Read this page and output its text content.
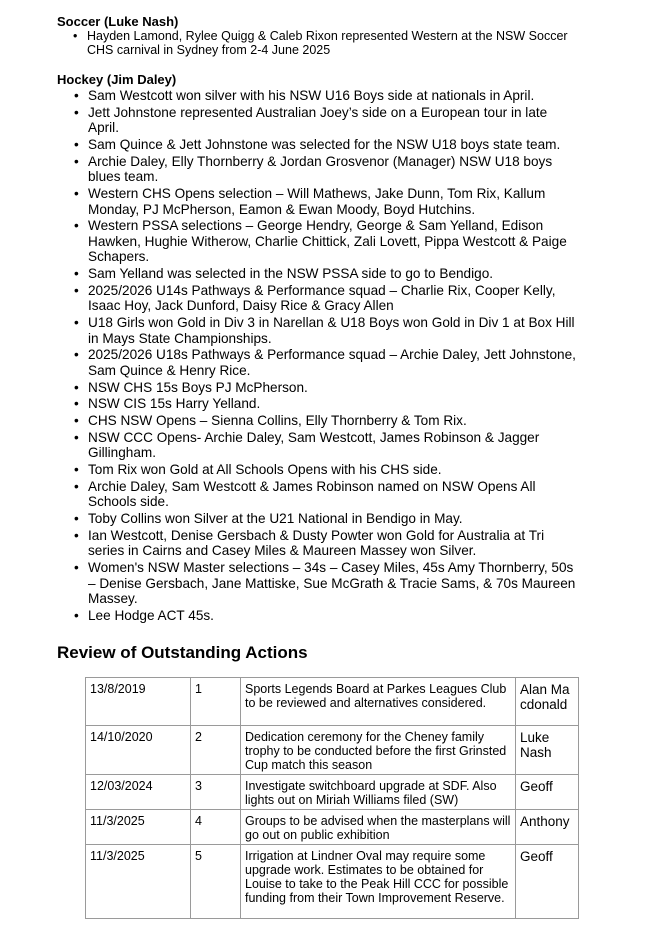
Soccer (Luke Nash)
• Hayden Lamond, Rylee Quigg & Caleb Rixon represented Western at the NSW Soccer CHS carnival in Sydney from 2-4 June 2025
Hockey (Jim Daley)
• Sam Westcott won silver with his NSW U16 Boys side at nationals in April.
• Jett Johnstone represented Australian Joey’s side on a European tour in late April.
• Sam Quince & Jett Johnstone was selected for the NSW U18 boys state team.
• Archie Daley, Elly Thornberry & Jordan Grosvenor (Manager) NSW U18 boys blues team.
• Western CHS Opens selection – Will Mathews, Jake Dunn, Tom Rix, Kallum Monday, PJ McPherson, Eamon & Ewan Moody, Boyd Hutchins.
• Western PSSA selections – George Hendry, George & Sam Yelland, Edison Hawken, Hughie Witherow, Charlie Chittick, Zali Lovett, Pippa Westcott & Paige Schapers.
• Sam Yelland was selected in the NSW PSSA side to go to Bendigo.
• 2025/2026 U14s Pathways & Performance squad – Charlie Rix, Cooper Kelly, Isaac Hoy, Jack Dunford, Daisy Rice & Gracy Allen
• U18 Girls won Gold in Div 3 in Narellan & U18 Boys won Gold in Div 1 at Box Hill in Mays State Championships.
• 2025/2026 U18s Pathways & Performance squad – Archie Daley, Jett Johnstone, Sam Quince & Henry Rice.
• NSW CHS 15s Boys PJ McPherson.
• NSW CIS 15s Harry Yelland.
• CHS NSW Opens – Sienna Collins, Elly Thornberry & Tom Rix.
• NSW CCC Opens- Archie Daley, Sam Westcott, James Robinson & Jagger Gillingham.
• Tom Rix won Gold at All Schools Opens with his CHS side.
• Archie Daley, Sam Westcott & James Robinson named on NSW Opens All Schools side.
• Toby Collins won Silver at the U21 National in Bendigo in May.
• Ian Westcott, Denise Gersbach & Dusty Powter won Gold for Australia at Tri series in Cairns and Casey Miles & Maureen Massey won Silver.
• Women's NSW Master selections – 34s – Casey Miles, 45s Amy Thornberry, 50s – Denise Gersbach, Jane Mattiske, Sue McGrath & Tracie Sams, & 70s Maureen Massey.
• Lee Hodge ACT 45s.
Review of Outstanding Actions
13/8/2019	1	Sports Legends Board at Parkes Leagues Club to be reviewed and alternatives considered.	Alan Macdonald
14/10/2020	2	Dedication ceremony for the Cheney family trophy to be conducted before the first Grinsted Cup match this season	Luke Nash
12/03/2024	3	Investigate switchboard upgrade at SDF. Also lights out on Miriah Williams filed (SW)	Geoff
11/3/2025	4	Groups to be advised when the masterplans will go out on public exhibition	Anthony
11/3/2025	5	Irrigation at Lindner Oval may require some upgrade work. Estimates to be obtained for Louise to take to the Peak Hill CCC for possible funding from their Town Improvement Reserve.	Geoff
